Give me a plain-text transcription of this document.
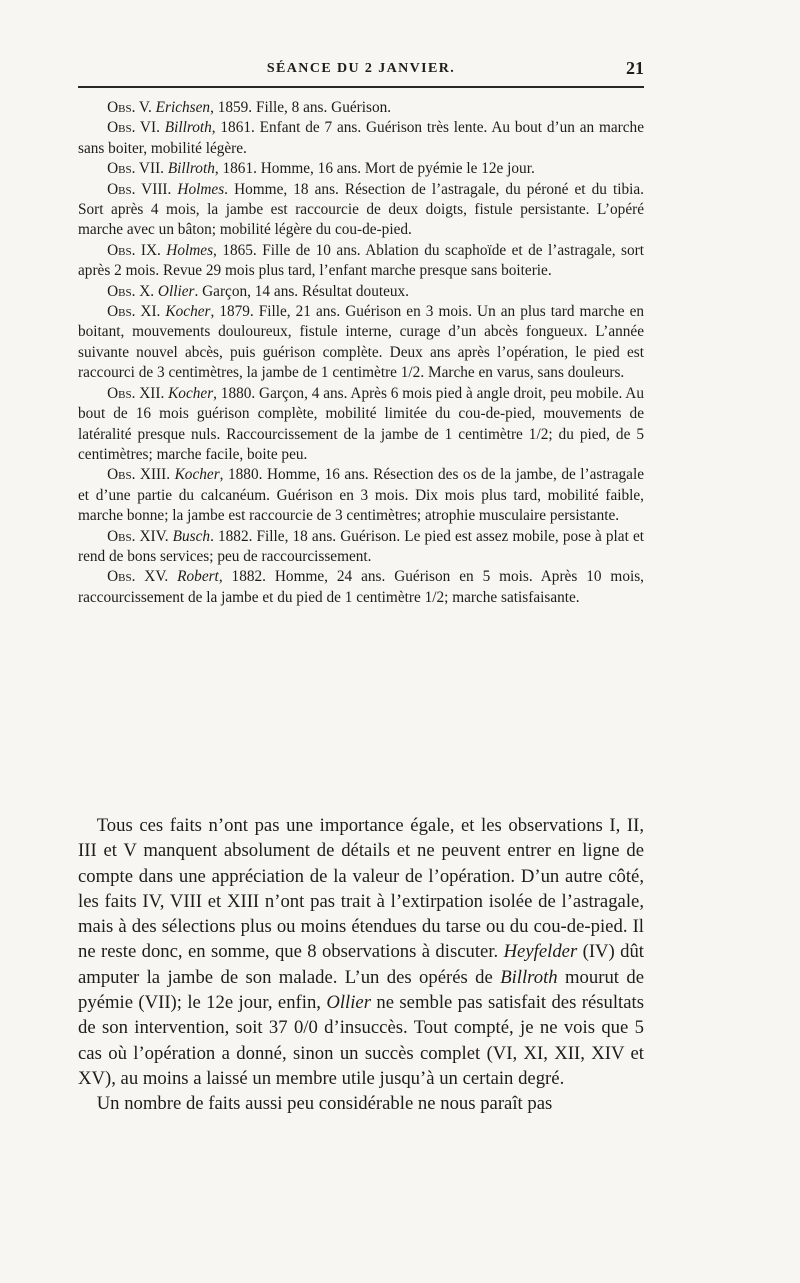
SÉANCE DU 2 JANVIER.	21

Obs. V. Erichsen, 1859. Fille, 8 ans. Guérison.

Obs. VI. Billroth, 1861. Enfant de 7 ans. Guérison très lente. Au bout d’un an marche sans boiter, mobilité légère.

Obs. VII. Billroth, 1861. Homme, 16 ans. Mort de pyémie le 12e jour.

Obs. VIII. Holmes. Homme, 18 ans. Résection de l’astragale, du péroné et du tibia. Sort après 4 mois, la jambe est raccourcie de deux doigts, fistule persistante. L’opéré marche avec un bâton; mobilité légère du cou-de-pied.

Obs. IX. Holmes, 1865. Fille de 10 ans. Ablation du scaphoïde et de l’astragale, sort après 2 mois. Revue 29 mois plus tard, l’enfant marche presque sans boiterie.

Obs. X. Ollier. Garçon, 14 ans. Résultat douteux.

Obs. XI. Kocher, 1879. Fille, 21 ans. Guérison en 3 mois. Un an plus tard marche en boitant, mouvements douloureux, fistule interne, curage d’un abcès fongueux. L’année suivante nouvel abcès, puis guérison complète. Deux ans après l’opération, le pied est raccourci de 3 centimètres, la jambe de 1 centimètre 1/2. Marche en varus, sans douleurs.

Obs. XII. Kocher, 1880. Garçon, 4 ans. Après 6 mois pied à angle droit, peu mobile. Au bout de 16 mois guérison complète, mobilité limitée du cou-de-pied, mouvements de latéralité presque nuls. Raccourcissement de la jambe de 1 centimètre 1/2; du pied, de 5 centimètres; marche facile, boite peu.

Obs. XIII. Kocher, 1880. Homme, 16 ans. Résection des os de la jambe, de l’astragale et d’une partie du calcanéum. Guérison en 3 mois. Dix mois plus tard, mobilité faible, marche bonne; la jambe est raccourcie de 3 centimètres; atrophie musculaire persistante.

Obs. XIV. Busch. 1882. Fille, 18 ans. Guérison. Le pied est assez mobile, pose à plat et rend de bons services; peu de raccourcissement.

Obs. XV. Robert, 1882. Homme, 24 ans. Guérison en 5 mois. Après 10 mois, raccourcissement de la jambe et du pied de 1 centimètre 1/2; marche satisfaisante.

Tous ces faits n’ont pas une importance égale, et les observations I, II, III et V manquent absolument de détails et ne peuvent entrer en ligne de compte dans une appréciation de la valeur de l’opération. D’un autre côté, les faits IV, VIII et XIII n’ont pas trait à l’extirpation isolée de l’astragale, mais à des sélections plus ou moins étendues du tarse ou du cou-de-pied. Il ne reste donc, en somme, que 8 observations à discuter. Heyfelder (IV) dût amputer la jambe de son malade. L’un des opérés de Billroth mourut de pyémie (VII); le 12e jour, enfin, Ollier ne semble pas satisfait des résultats de son intervention, soit 37 0/0 d’insuccès. Tout compté, je ne vois que 5 cas où l’opération a donné, sinon un succès complet (VI, XI, XII, XIV et XV), au moins a laissé un membre utile jusqu’à un certain degré.

Un nombre de faits aussi peu considérable ne nous paraît pas
